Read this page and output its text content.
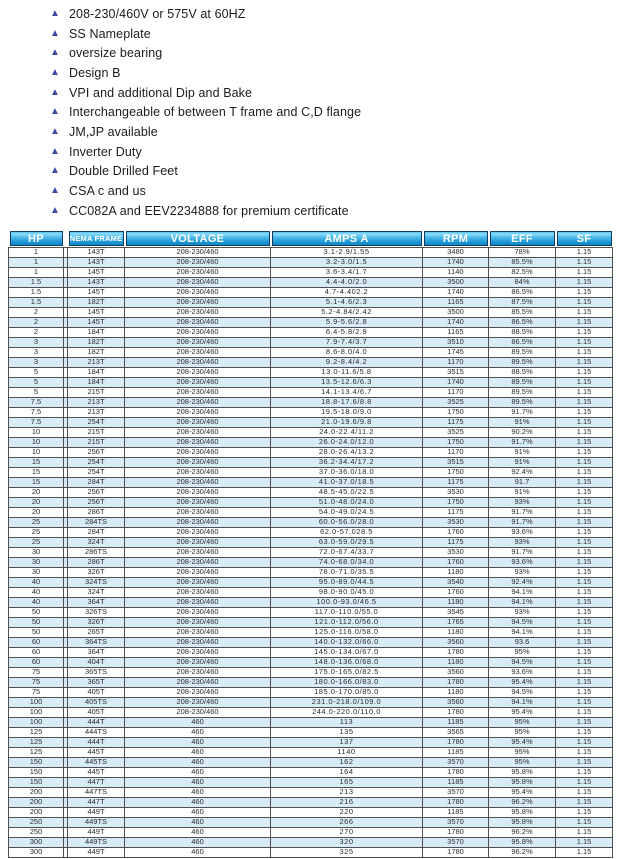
▲ 208-230/460V or 575V at 60HZ
▲ SS Nameplate
▲ oversize bearing
▲ Design B
▲ VPI and additional Dip and Bake
▲ Interchangeable of between T frame and C,D flange
▲ JM,JP available
▲ Inverter Duty
▲ Double Drilled Feet
▲ CSA c and us
▲ CC082A and EEV2234888 for premium certificate
HP		NEMA FRAME	VOLTAGE	AMPS A	RPM	EFF	SF

1		143T	208-230/460	3.1-2.9/1.55	3480	78%	1.15
1		143T	208-230/460	3.2-3.0/1.5	1740	85.5%	1.15
1		145T	208-230/460	3.6-3.4/1.7	1140	82.5%	1.15
1.5		143T	208-230/460	4.4-4.0/2.0	3500	84%	1.15
1.5		145T	208-230/460	4.7-4.402.2	1740	86.5%	1.15
1.5		182T	208-230/460	5.1-4.6/2.3	1165	87.5%	1.15
2		145T	208-230/460	5.2-4.84/2.42	3500	85.5%	1.15
2		145T	208-230/460	5.9-5.6/2.8	1740	86.5%	1.15
2		184T	208-230/460	6.4-5.8/2.9	1165	88.5%	1.15
3		182T	208-230/460	7.9-7.4/3.7	3510	86.5%	1.15
3		182T	208-230/460	8.6-8.0/4.0	1745	89.5%	1.15
3		213T	208-230/460	9.2-8.4/4.2	1170	89.5%	1.15
5		184T	208-230/460	13.0-11.6/5.8	3515	88.5%	1.15
5		184T	208-230/460	13.5-12.6/6.3	1740	89.5%	1.15
5		215T	208-230/460	14.1-13.4/6.7	1170	89.5%	1.15
7.5		213T	208-230/460	18.8-17.6/8.8	3525	89.5%	1.15
7.5		213T	208-230/460	19.5-18.0/9.0	1750	91.7%	1.15
7.5		254T	208-230/460	21.0-19.6/9.8	1175	91%	1.15
10		215T	208-230/460	24.0-22.4/11.2	3525	90.2%	1.15
10		215T	208-230/460	26.0-24.0/12.0	1750	91.7%	1.15
10		256T	208-230/460	28.0-26.4/13.2	1170	91%	1.15
15		254T	208-230/460	36.2-34.4/17.2	3515	91%	1.15
15		254T	208-230/460	37.0-36.0/18.0	1750	92.4%	1.15
15		284T	208-230/460	41.0-37.0/18.5	1175	91.7	1.15
20		256T	208-230/460	48.5-45.0/22.5	3530	91%	1.15
20		256T	208-230/460	51.0-48.0/24.0	1750	93%	1.15
20		286T	208-230/460	54.0-49.0/24.5	1175	91.7%	1.15
25		284TS	208-230/460	60.0-56.0/28.0	3530	91.7%	1.15
25		284T	208-230/460	62.0-57.028.5	1760	93.6%	1.15
25		324T	208-230/460	63.0-59.0/29.5	1175	93%	1.15
30		286TS	208-230/460	72.0-67.4/33.7	3530	91.7%	1.15
30		286T	208-230/460	74.0-68.0/34.0	1760	93.6%	1.15
30		326T	208-230/460	78.0-71.0/35.5	1180	93%	1.15
40		324TS	208-230/460	95.0-89.0/44.5	3540	92.4%	1.15
40		324T	208-230/460	98.0-90.0/45.0	1760	94.1%	1.15
40		364T	208-230/460	100.0-93.0/46.5	1180	94.1%	1.15
50		326TS	208-230/460	117.0-110.0/55.0	3545	93%	1.15
50		326T	208-230/460	121.0-112.0/56.0	1765	94.5%	1.15
50		265T	208-230/460	125.0-116.0/58.0	1180	94.1%	1.15
60		364TS	208-230/460	140.0-132.0/66.0	3560	93.6	1.15
60		364T	208-230/460	145.0-134.0/67.0	1780	95%	1.15
60		404T	208-230/460	148.0-136.0/68.0	1180	94.5%	1.15
75		365TS	208-230/460	175.0-165.0/82.5	3560	93.6%	1.15
75		365T	208-230/460	180.0-166.0/83.0	1780	95.4%	1.15
75		405T	208-230/460	185.0-170.0/85.0	1180	94.5%	1.15
100		405TS	208-230/460	231.0-218.0/109.0	3560	94.1%	1.15
100		405T	208-230/460	244.0-220.0/110.0	1780	95.4%	1.15
100		444T	460	113	1185	95%	1.15
125		444TS	460	135	3565	95%	1.15
125		444T	460	137	1780	95.4%	1.15
125		445T	460	1140	1185	95%	1.15
150		445TS	460	162	3570	95%	1.15
150		445T	460	164	1780	95.8%	1.15
150		447T	460	165	1185	95.8%	1.15
200		447TS	460	213	3570	95.4%	1.15
200		447T	460	216	1780	96.2%	1.15
200		449T	460	220	1185	95.8%	1.15
250		449TS	460	266	3570	95.8%	1.15
250		449T	460	270	1780	96.2%	1.15
300		449TS	460	320	3570	95.8%	1.15
300		449T	460	325	1780	96.2%	1.15
